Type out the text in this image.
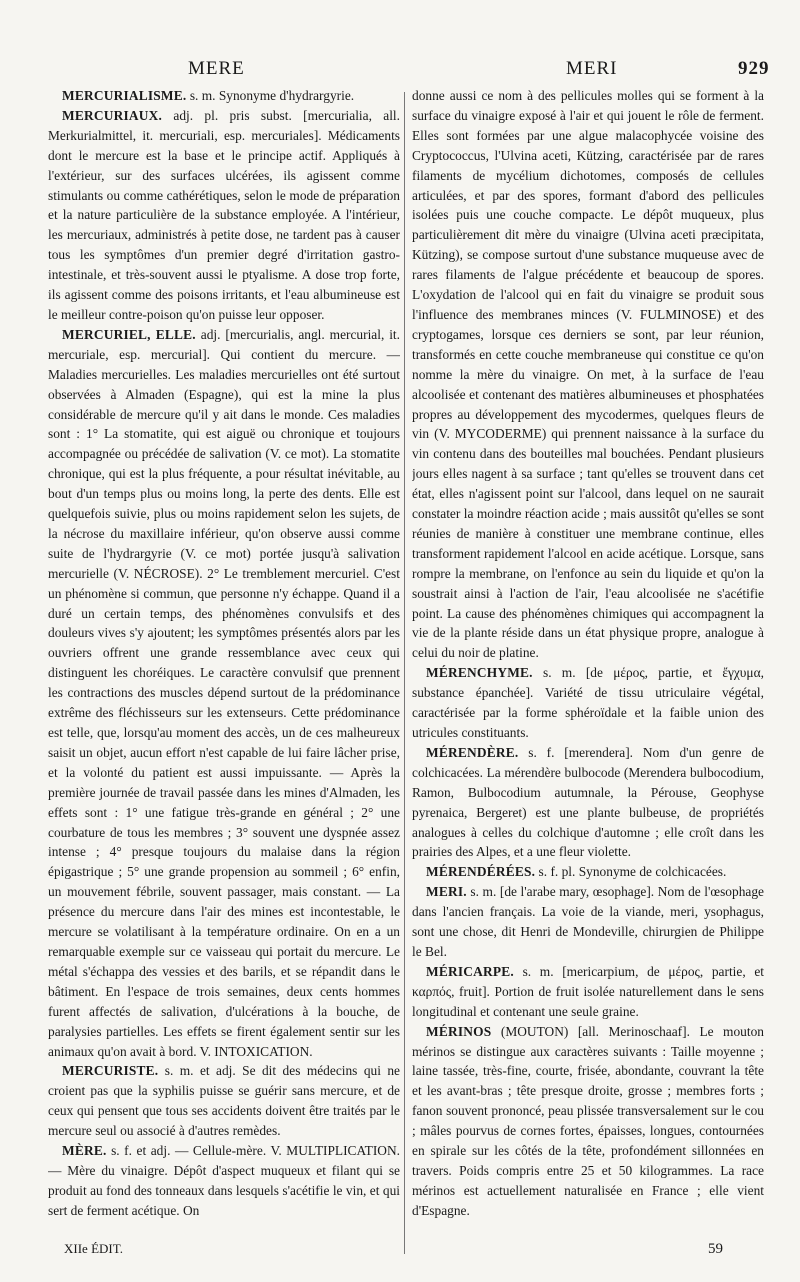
MERE	MERI	929

MERCURIALISME. s. m. Synonyme d'hydrargyrie.

MERCURIAUX. adj. pl. pris subst. [mercurialia, all. Merkurialmittel, it. mercuriali, esp. mercuriales]. Médicaments dont le mercure est la base et le principe actif. Appliqués à l'extérieur, sur des surfaces ulcérées, ils agissent comme stimulants ou comme cathérétiques, selon le mode de préparation et la nature particulière de la substance employée. A l'intérieur, les mercuriaux, administrés à petite dose, ne tardent pas à causer tous les symptômes d'un premier degré d'irritation gastro-intestinale, et très-souvent aussi le ptyalisme. A dose trop forte, ils agissent comme des poisons irritants, et l'eau albumineuse est le meilleur contre-poison qu'on puisse leur opposer.

MERCURIEL, ELLE. adj. [mercurialis, angl. mercurial, it. mercuriale, esp. mercurial]. Qui contient du mercure. — Maladies mercurielles. Les maladies mercurielles ont été surtout observées à Almaden (Espagne), qui est la mine la plus considérable de mercure qu'il y ait dans le monde. Ces maladies sont : 1° La stomatite, qui est aiguë ou chronique et toujours accompagnée ou précédée de salivation (V. ce mot). La stomatite chronique, qui est la plus fréquente, a pour résultat inévitable, au bout d'un temps plus ou moins long, la perte des dents. Elle est quelquefois suivie, plus ou moins rapidement selon les sujets, de la nécrose du maxillaire inférieur, qu'on observe aussi comme suite de l'hydrargyrie (V. ce mot) portée jusqu'à salivation mercurielle (V. NÉCROSE). 2° Le tremblement mercuriel. C'est un phénomène si commun, que personne n'y échappe. Quand il a duré un certain temps, des phénomènes convulsifs et des douleurs vives s'y ajoutent; les symptômes présentés alors par les ouvriers offrent une grande ressemblance avec ceux qui distinguent les choréiques. Le caractère convulsif que prennent les contractions des muscles dépend surtout de la prédominance extrême des fléchisseurs sur les extenseurs. Cette prédominance est telle, que, lorsqu'au moment des accès, un de ces malheureux saisit un objet, aucun effort n'est capable de lui faire lâcher prise, et la volonté du patient est aussi impuissante. — Après la première journée de travail passée dans les mines d'Almaden, les effets sont : 1° une fatigue très-grande en général ; 2° une courbature de tous les membres ; 3° souvent une dyspnée assez intense ; 4° presque toujours du malaise dans la région épigastrique ; 5° une grande propension au sommeil ; 6° enfin, un mouvement fébrile, souvent passager, mais constant. — La présence du mercure dans l'air des mines est incontestable, le mercure se volatilisant à la température ordinaire. On en a un remarquable exemple sur ce vaisseau qui portait du mercure. Le métal s'échappa des vessies et des barils, et se répandit dans le bâtiment. En l'espace de trois semaines, deux cents hommes furent affectés de salivation, d'ulcérations à la bouche, de paralysies partielles. Les effets se firent également sentir sur les animaux qu'on avait à bord. V. INTOXICATION.

MERCURISTE. s. m. et adj. Se dit des médecins qui ne croient pas que la syphilis puisse se guérir sans mercure, et de ceux qui pensent que tous ses accidents doivent être traités par le mercure seul ou associé à d'autres remèdes.

MÈRE. s. f. et adj. — Cellule-mère. V. MULTIPLICATION. — Mère du vinaigre. Dépôt d'aspect muqueux et filant qui se produit au fond des tonneaux dans lesquels s'acétifie le vin, et qui sert de ferment acétique. On

donne aussi ce nom à des pellicules molles qui se forment à la surface du vinaigre exposé à l'air et qui jouent le rôle de ferment. Elles sont formées par une algue malacophycée voisine des Cryptococcus, l'Ulvina aceti, Kützing, caractérisée par de rares filaments de mycélium dichotomes, composés de cellules articulées, et par des spores, formant d'abord des pellicules isolées puis une couche compacte. Le dépôt muqueux, plus particulièrement dit mère du vinaigre (Ulvina aceti præcipitata, Kützing), se compose surtout d'une substance muqueuse avec de rares filaments de l'algue précédente et beaucoup de spores. L'oxydation de l'alcool qui en fait du vinaigre se produit sous l'influence des membranes minces (V. FULMINOSE) et des cryptogames, lorsque ces derniers se sont, par leur réunion, transformés en cette couche membraneuse qui constitue ce qu'on nomme la mère du vinaigre. On met, à la surface de l'eau alcoolisée et contenant des matières albumineuses et phosphatées propres au développement des mycodermes, quelques fleurs de vin (V. MYCODERME) qui prennent naissance à la surface du vin contenu dans des bouteilles mal bouchées. Pendant plusieurs jours elles nagent à sa surface ; tant qu'elles se trouvent dans cet état, elles n'agissent point sur l'alcool, dans lequel on ne saurait constater la moindre réaction acide ; mais aussitôt qu'elles se sont réunies de manière à constituer une membrane continue, elles transforment rapidement l'alcool en acide acétique. Lorsque, sans rompre la membrane, on l'enfonce au sein du liquide et qu'on la soustrait ainsi à l'action de l'air, l'eau alcoolisée ne s'acétifie point. La cause des phénomènes chimiques qui accompagnent la vie de la plante réside dans un état physique propre, analogue à celui du noir de platine.

MÉRENCHYME. s. m. [de μέρος, partie, et ἔγχυμα, substance épanchée]. Variété de tissu utriculaire végétal, caractérisée par la forme sphéroïdale et la faible union des utricules constituants.

MÉRENDÈRE. s. f. [merendera]. Nom d'un genre de colchicacées. La mérendère bulbocode (Merendera bulbocodium, Ramon, Bulbocodium autumnale, la Pérouse, Geophyse pyrenaica, Bergeret) est une plante bulbeuse, de propriétés analogues à celles du colchique d'automne ; elle croît dans les prairies des Alpes, et a une fleur violette.

MÉRENDÉRÉES. s. f. pl. Synonyme de colchicacées.

MERI. s. m. [de l'arabe mary, œsophage]. Nom de l'œsophage dans l'ancien français. La voie de la viande, meri, ysophagus, sont une chose, dit Henri de Mondeville, chirurgien de Philippe le Bel.

MÉRICARPE. s. m. [mericarpium, de μέρος, partie, et καρπός, fruit]. Portion de fruit isolée naturellement dans le sens longitudinal et contenant une seule graine.

MÉRINOS (MOUTON) [all. Merinoschaaf]. Le mouton mérinos se distingue aux caractères suivants : Taille moyenne ; laine tassée, très-fine, courte, frisée, abondante, couvrant la tête et les avant-bras ; tête presque droite, grosse ; membres forts ; fanon souvent prononcé, peau plissée transversalement sur le cou ; mâles pourvus de cornes fortes, épaisses, longues, contournées en spirale sur les côtés de la tête, profondément sillonnées en travers. Poids compris entre 25 et 50 kilogrammes. La race mérinos est actuellement naturalisée en France ; elle vient d'Espagne.

XIIe ÉDIT.	59
